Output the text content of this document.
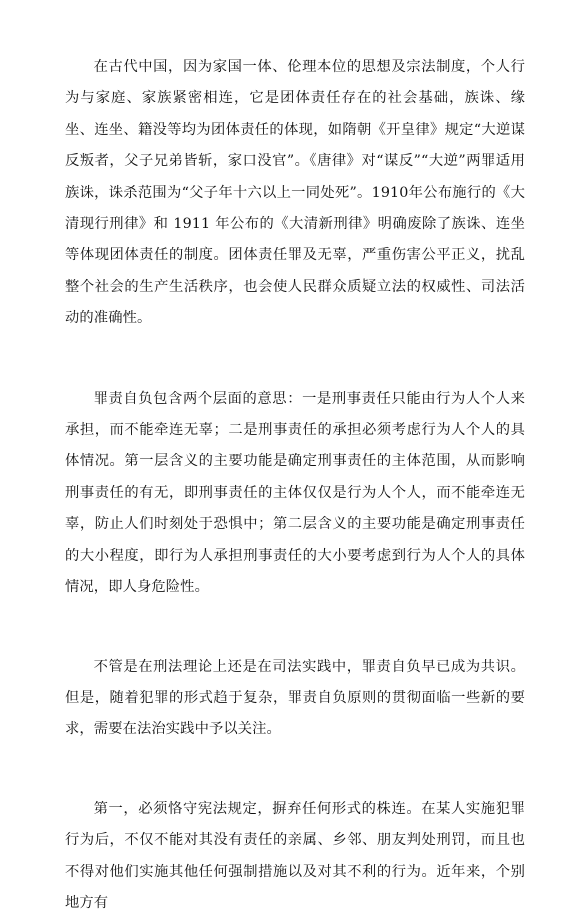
在古代中国，因为家国一体、伦理本位的思想及宗法制度，个人行为与家庭、家族紧密相连，它是团体责任存在的社会基础，族诛、缘坐、连坐、籍没等均为团体责任的体现，如隋朝《开皇律》规定“大逆谋反叛者，父子兄弟皆斩，家口没官”。《唐律》对“谋反”“大逆”两罪适用族诛，诛杀范围为“父子年十六以上一同处死”。1910年公布施行的《大清现行刑律》和 1911 年公布的《大清新刑律》明确废除了族诛、连坐等体现团体责任的制度。团体责任罪及无辜，严重伤害公平正义，扰乱整个社会的生产生活秩序，也会使人民群众质疑立法的权威性、司法活动的准确性。

罪责自负包含两个层面的意思：一是刑事责任只能由行为人个人来承担，而不能牵连无辜；二是刑事责任的承担必须考虑行为人个人的具体情况。第一层含义的主要功能是确定刑事责任的主体范围，从而影响刑事责任的有无，即刑事责任的主体仅仅是行为人个人，而不能牵连无辜，防止人们时刻处于恐惧中；第二层含义的主要功能是确定刑事责任的大小程度，即行为人承担刑事责任的大小要考虑到行为人个人的具体情况，即人身危险性。

不管是在刑法理论上还是在司法实践中，罪责自负早已成为共识。但是，随着犯罪的形式趋于复杂，罪责自负原则的贯彻面临一些新的要求，需要在法治实践中予以关注。

第一，必须恪守宪法规定，摒弃任何形式的株连。在某人实施犯罪行为后，不仅不能对其没有责任的亲属、乡邻、朋友判处刑罚，而且也不得对他们实施其他任何强制措施以及对其不利的行为。近年来，个别地方有
